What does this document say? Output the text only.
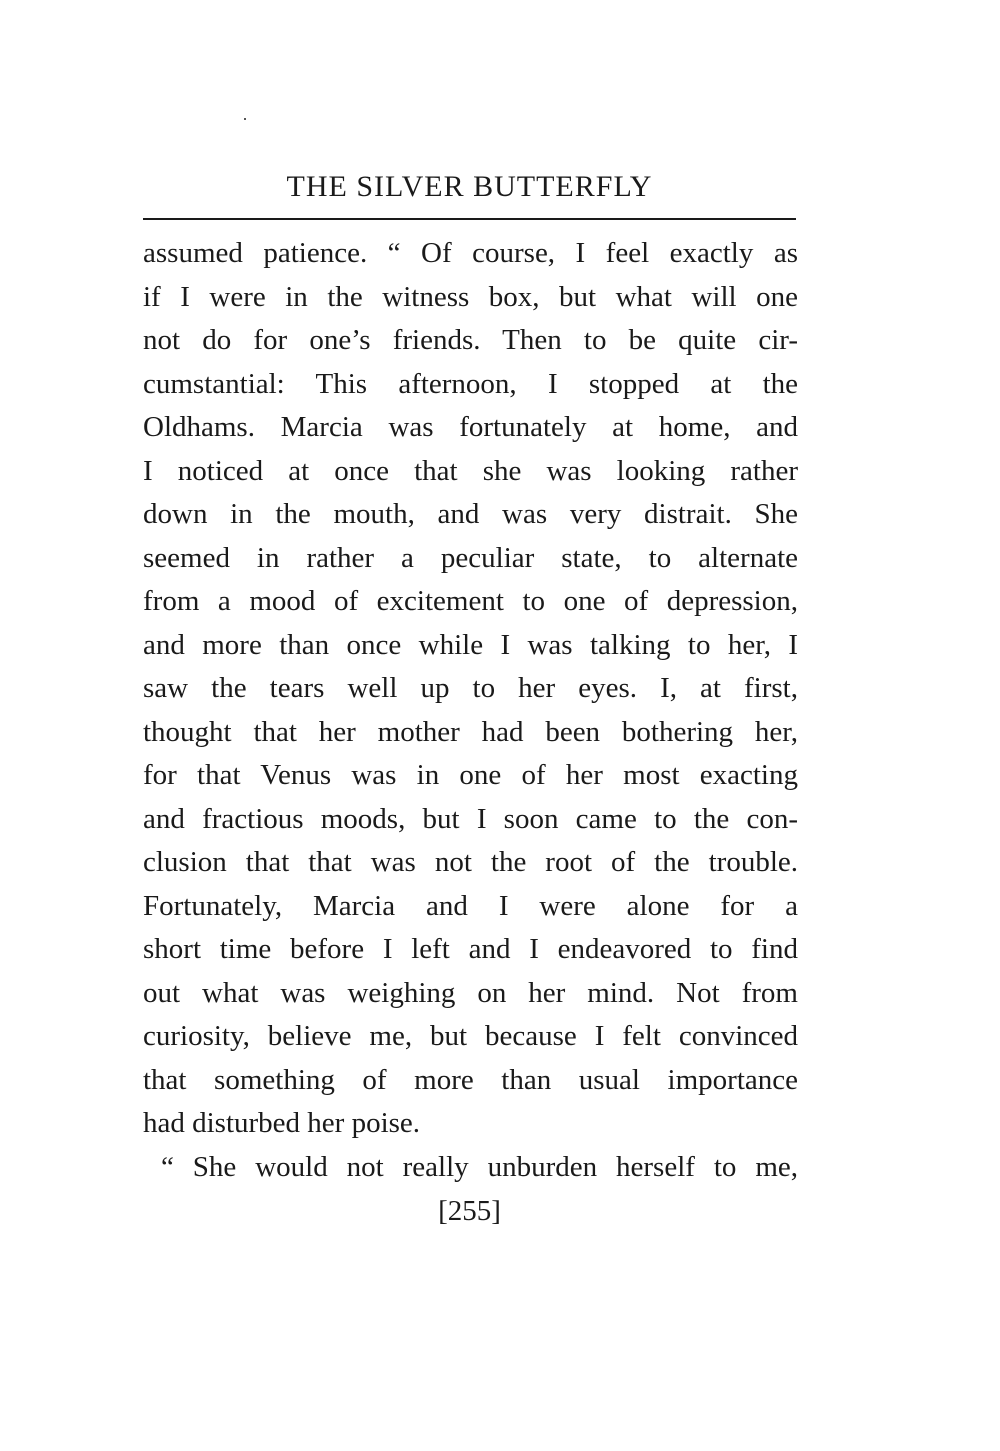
THE SILVER BUTTERFLY
assumed patience. “ Of course, I feel exactly as
if I were in the witness box, but what will one
not do for one’s friends. Then to be quite cir-
cumstantial: This afternoon, I stopped at the
Oldhams. Marcia was fortunately at home, and
I noticed at once that she was looking rather
down in the mouth, and was very distrait. She
seemed in rather a peculiar state, to alternate
from a mood of excitement to one of depression,
and more than once while I was talking to her, I
saw the tears well up to her eyes. I, at first,
thought that her mother had been bothering her,
for that Venus was in one of her most exacting
and fractious moods, but I soon came to the con-
clusion that that was not the root of the trouble.
Fortunately, Marcia and I were alone for a
short time before I left and I endeavored to find
out what was weighing on her mind. Not from
curiosity, believe me, but because I felt convinced
that something of more than usual importance
had disturbed her poise.
“ She would not really unburden herself to me,
[255]
